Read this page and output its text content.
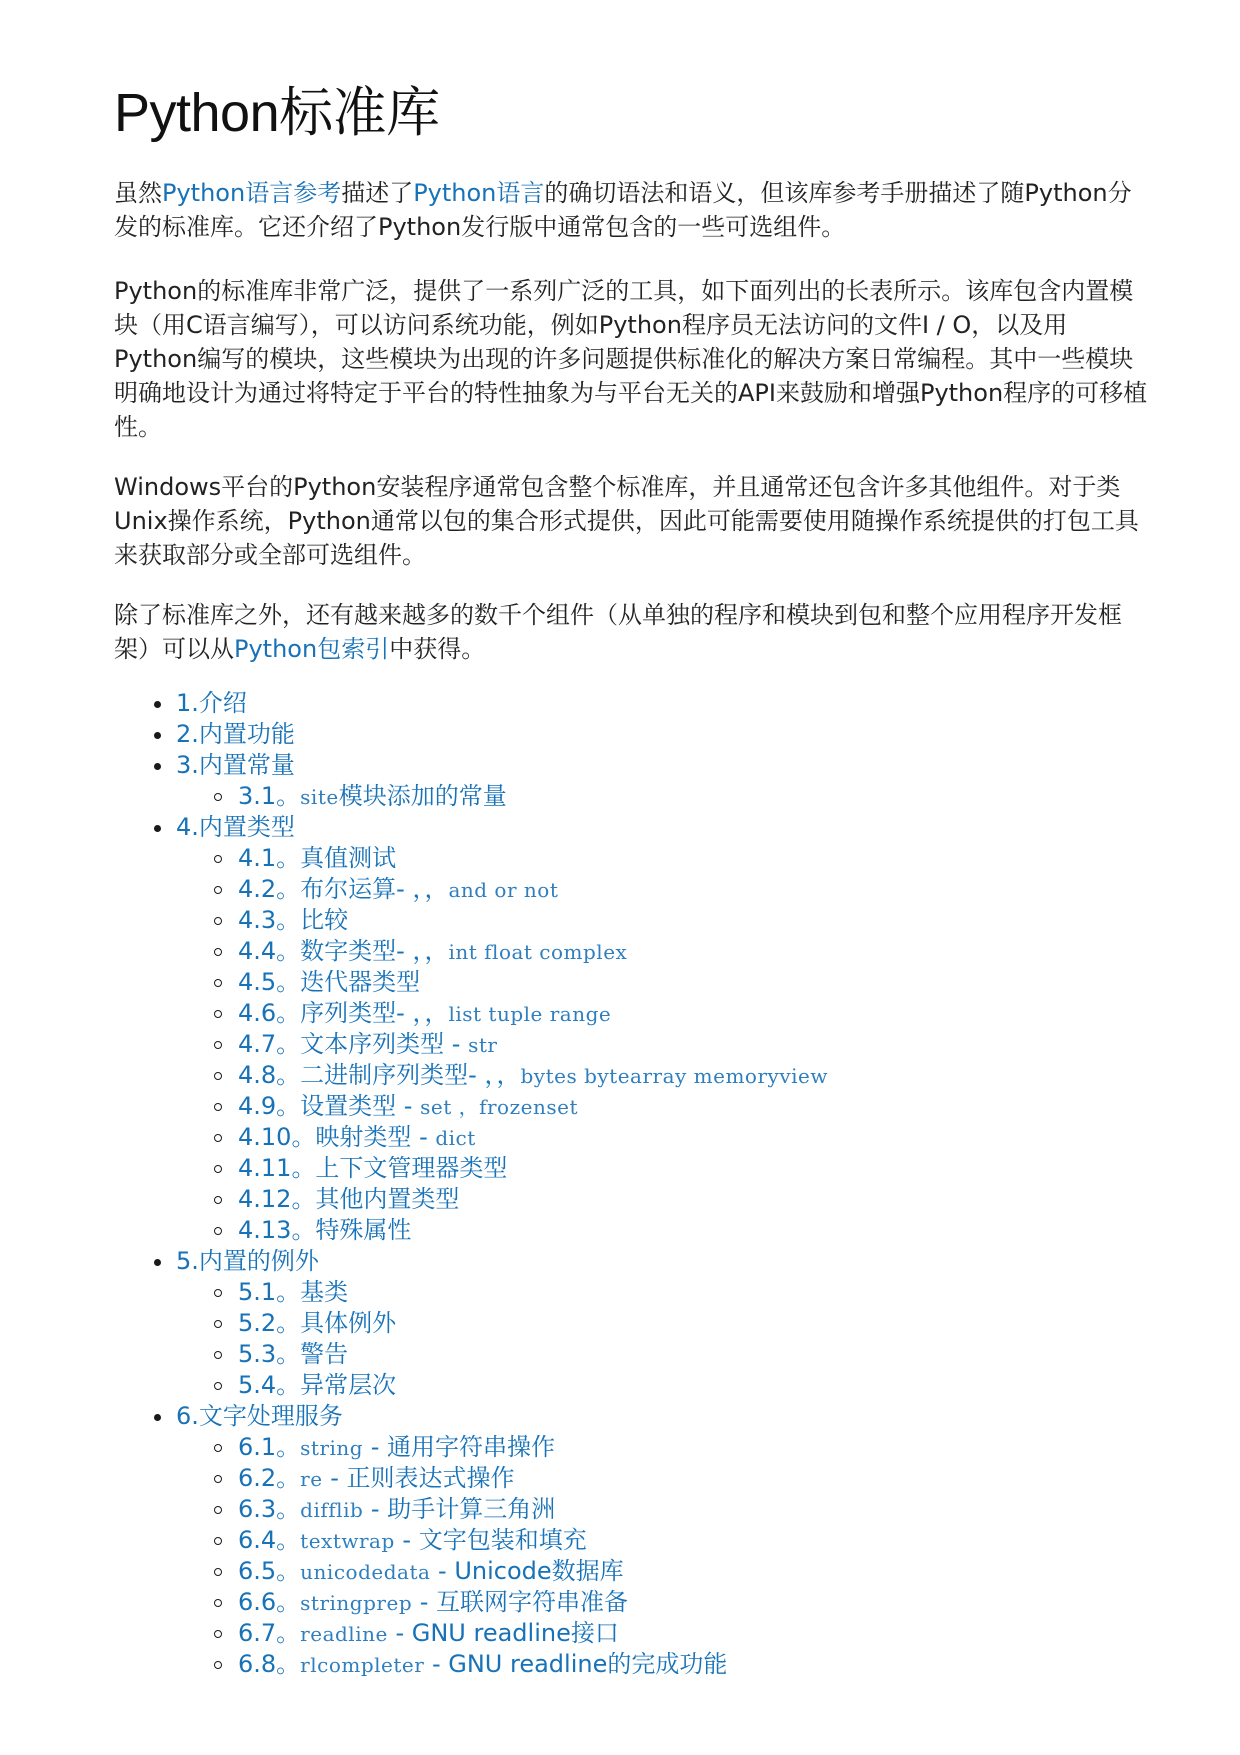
Python标准库

虽然Python语言参考描述了Python语言的确切语法和语义，但该库参考手册描述了随Python分发的标准库。它还介绍了Python发行版中通常包含的一些可选组件。

Python的标准库非常广泛，提供了一系列广泛的工具，如下面列出的长表所示。该库包含内置模块（用C语言编写），可以访问系统功能，例如Python程序员无法访问的文件I / O，以及用Python编写的模块，这些模块为出现的许多问题提供标准化的解决方案日常编程。其中一些模块明确地设计为通过将特定于平台的特性抽象为与平台无关的API来鼓励和增强Python程序的可移植性。

Windows平台的Python安装程序通常包含整个标准库，并且通常还包含许多其他组件。对于类Unix操作系统，Python通常以包的集合形式提供，因此可能需要使用随操作系统提供的打包工具来获取部分或全部可选组件。

除了标准库之外，还有越来越多的数千个组件（从单独的程序和模块到包和整个应用程序开发框架）可以从Python包索引中获得。

1.介绍
2.内置功能
3.内置常量
3.1。site模块添加的常量
4.内置类型
4.1。真值测试
4.2。布尔运算- ，，and or not
4.3。比较
4.4。数字类型- ，，int float complex
4.5。迭代器类型
4.6。序列类型- ，，list tuple range
4.7。文本序列类型 - str
4.8。二进制序列类型- ，，bytes bytearray memoryview
4.9。设置类型 - set ，frozenset
4.10。映射类型 - dict
4.11。上下文管理器类型
4.12。其他内置类型
4.13。特殊属性
5.内置的例外
5.1。基类
5.2。具体例外
5.3。警告
5.4。异常层次
6.文字处理服务
6.1。string - 通用字符串操作
6.2。re - 正则表达式操作
6.3。difflib - 助手计算三角洲
6.4。textwrap - 文字包装和填充
6.5。unicodedata - Unicode数据库
6.6。stringprep - 互联网字符串准备
6.7。readline - GNU readline接口
6.8。rlcompleter - GNU readline的完成功能
